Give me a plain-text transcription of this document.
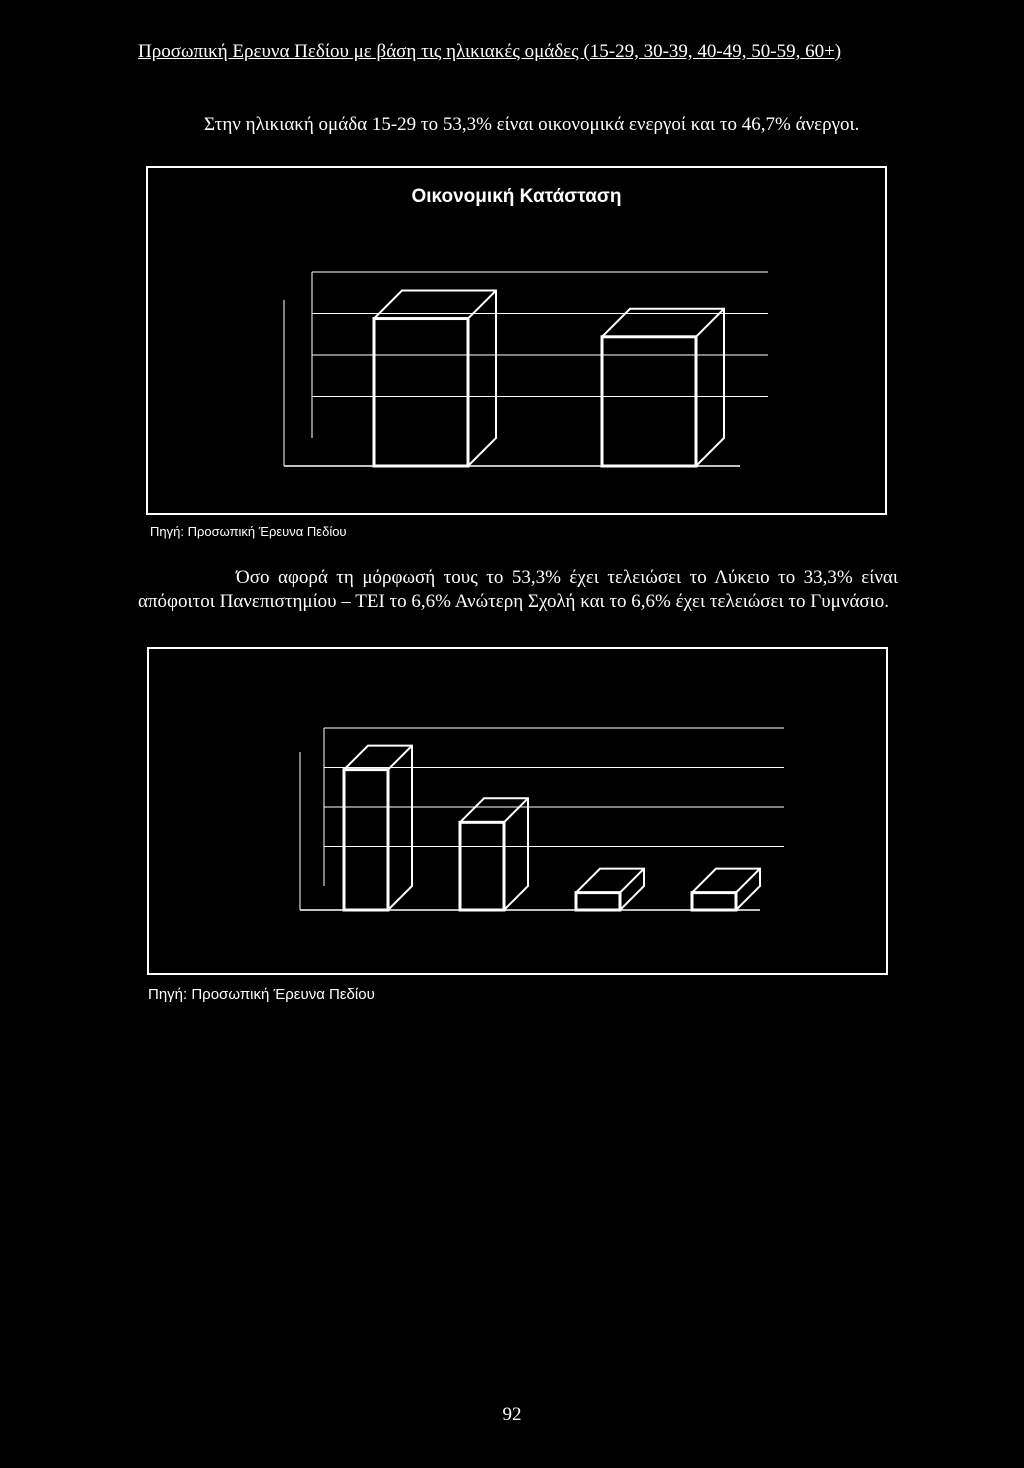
Προσωπική Ερευνα Πεδίου με βάση τις ηλικιακές ομάδες (15-29, 30-39, 40-49, 50-59, 60+)
Στην ηλικιακή ομάδα 15-29 το 53,3% είναι οικονομικά ενεργοί και το 46,7% άνεργοι.
Οικονομική Κατάσταση
Πηγή: Προσωπική Έρευνα Πεδίου
Όσο αφορά τη μόρφωσή τους το 53,3% έχει τελειώσει το Λύκειο το 33,3% είναι απόφοιτοι Πανεπιστημίου – ΤΕΙ το 6,6% Ανώτερη Σχολή και το 6,6% έχει τελειώσει το Γυμνάσιο.
Πηγή: Προσωπική Έρευνα Πεδίου
92
